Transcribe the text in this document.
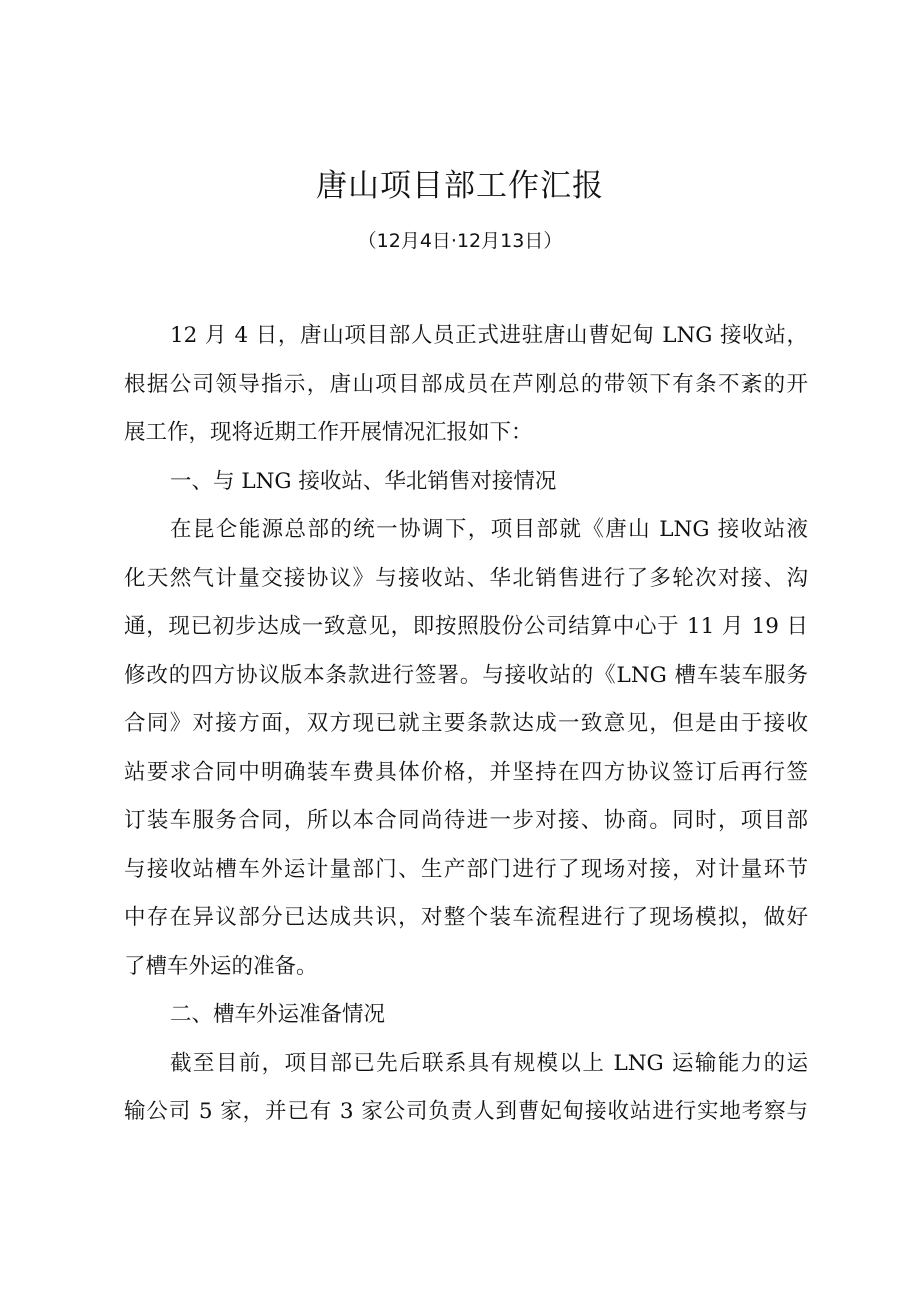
唐山项目部工作汇报
（12月4日·12月13日）
12 月 4 日，唐山项目部人员正式进驻唐山曹妃甸 LNG 接收站，
根据公司领导指示，唐山项目部成员在芦刚总的带领下有条不紊的开
展工作，现将近期工作开展情况汇报如下：
一、与 LNG 接收站、华北销售对接情况
在昆仑能源总部的统一协调下，项目部就《唐山 LNG 接收站液
化天然气计量交接协议》与接收站、华北销售进行了多轮次对接、沟
通，现已初步达成一致意见，即按照股份公司结算中心于 11 月 19 日
修改的四方协议版本条款进行签署。与接收站的《LNG 槽车装车服务
合同》对接方面，双方现已就主要条款达成一致意见，但是由于接收
站要求合同中明确装车费具体价格，并坚持在四方协议签订后再行签
订装车服务合同，所以本合同尚待进一步对接、协商。同时，项目部
与接收站槽车外运计量部门、生产部门进行了现场对接，对计量环节
中存在异议部分已达成共识，对整个装车流程进行了现场模拟，做好
了槽车外运的准备。
二、槽车外运准备情况
截至目前，项目部已先后联系具有规模以上 LNG 运输能力的运
输公司 5 家，并已有 3 家公司负责人到曹妃甸接收站进行实地考察与
